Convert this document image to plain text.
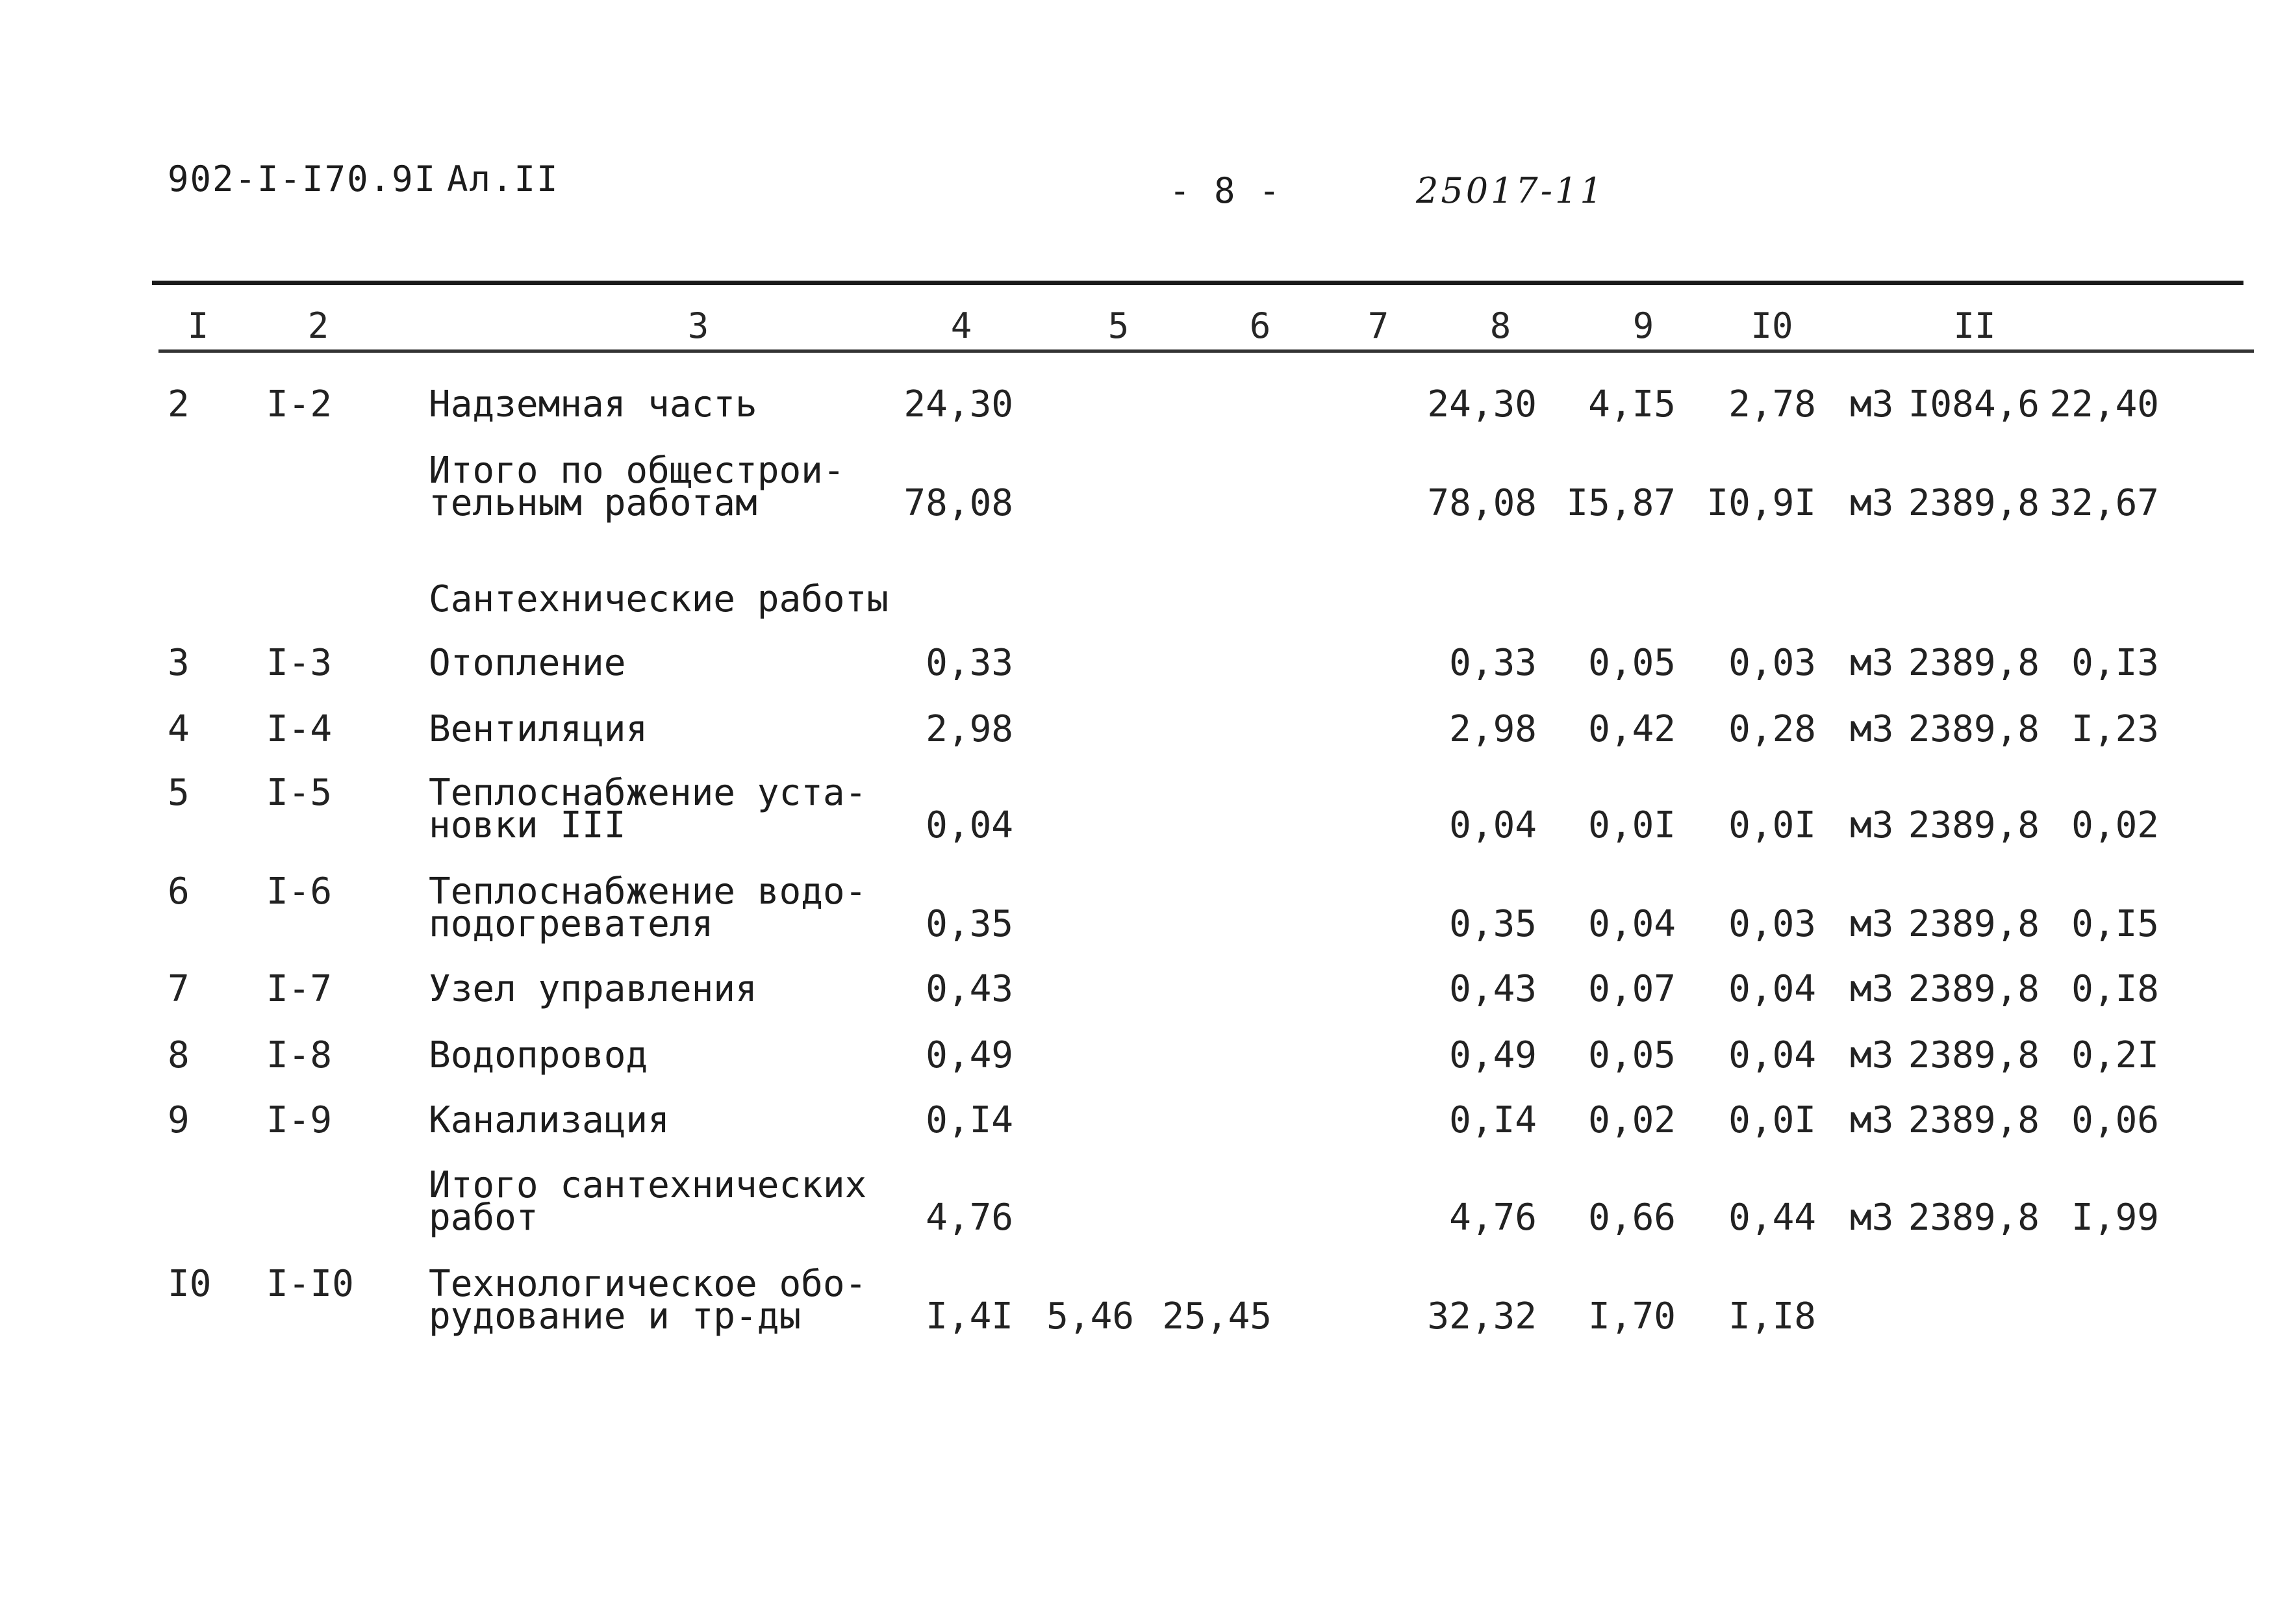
902-I-I70.9I Ал.II	- 8 -	25017-11
I	2	3	4	5	6	7	8	9	I0	II
2 I-2	Надземная часть	24,30	24,30 4,I5 2,78 м3 I084,6 22,40
Итого по общестрои-
тельным работам	78,08	78,08 I5,87 I0,9I м3 2389,8 32,67
Сантехнические работы
3 I-3	Отопление	0,33	0,33 0,05 0,03 м3 2389,8 0,I3
4 I-4	Вентиляция	2,98	2,98 0,42 0,28 м3 2389,8 I,23
5 I-5	Теплоснабжение уста-
новки III	0,04	0,04 0,0I 0,0I м3 2389,8 0,02
6 I-6	Теплоснабжение водо-
подогревателя	0,35	0,35 0,04 0,03 м3 2389,8 0,I5
7 I-7	Узел управления	0,43	0,43 0,07 0,04 м3 2389,8 0,I8
8 I-8	Водопровод	0,49	0,49 0,05 0,04 м3 2389,8 0,2I
9 I-9	Канализация	0,I4	0,I4 0,02 0,0I м3 2389,8 0,06
Итого сантехнических
работ	4,76	4,76 0,66 0,44 м3 2389,8 I,99
I0 I-I0 Технологическое обо-
рудование и тр-ды	I,4I 5,46 25,45	32,32 I,70 I,I8
